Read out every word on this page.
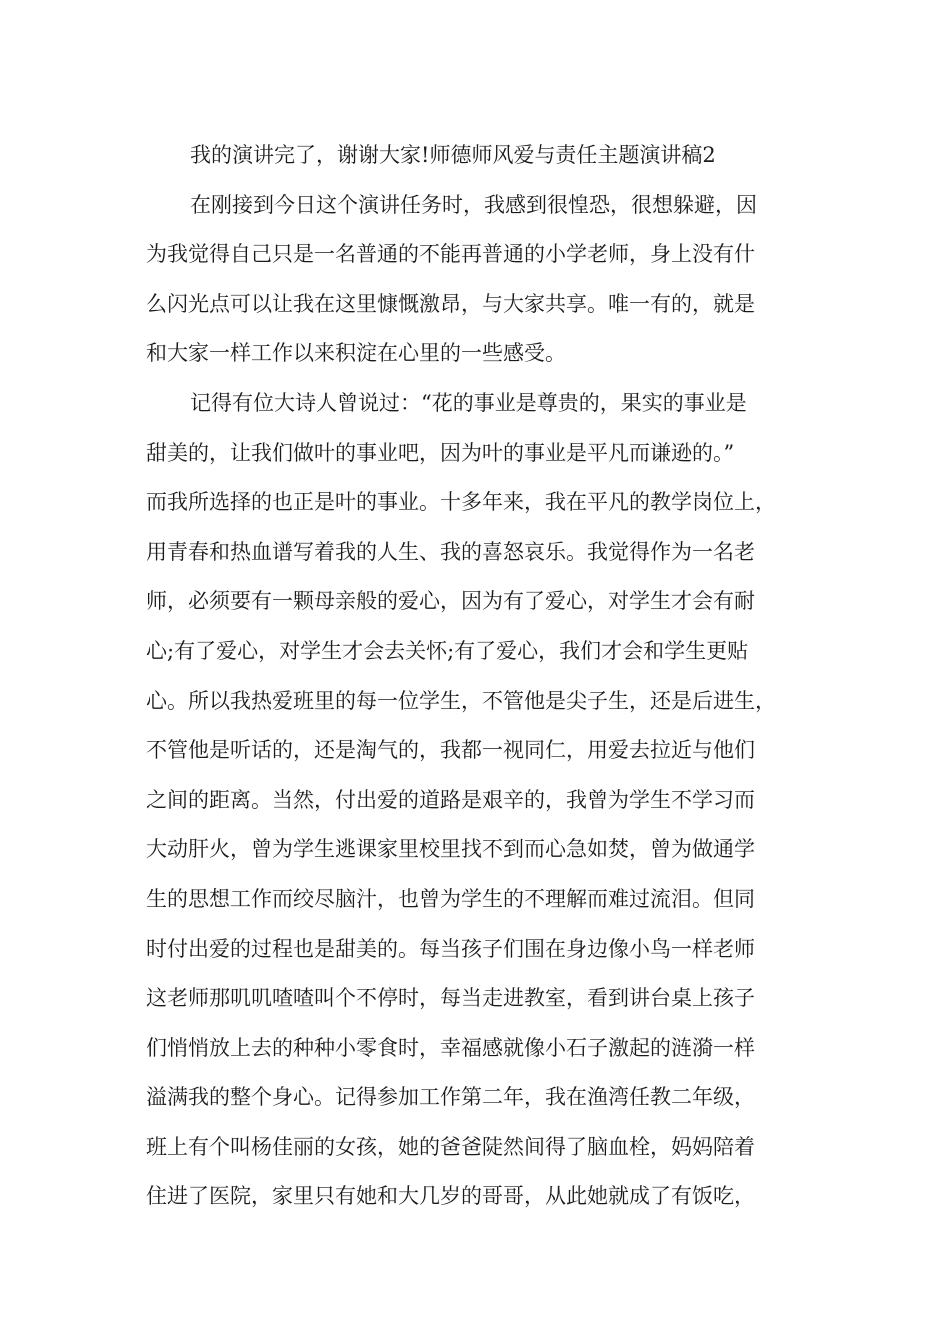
我的演讲完了，谢谢大家!师德师风爱与责任主题演讲稿2
在刚接到今日这个演讲任务时，我感到很惶恐，很想躲避，因
为我觉得自己只是一名普通的不能再普通的小学老师，身上没有什
么闪光点可以让我在这里慷慨激昂，与大家共享。唯一有的，就是
和大家一样工作以来积淀在心里的一些感受。
记得有位大诗人曾说过：“花的事业是尊贵的，果实的事业是
甜美的，让我们做叶的事业吧，因为叶的事业是平凡而谦逊的。”
而我所选择的也正是叶的事业。十多年来，我在平凡的教学岗位上，
用青春和热血谱写着我的人生、我的喜怒哀乐。我觉得作为一名老
师，必须要有一颗母亲般的爱心，因为有了爱心，对学生才会有耐
心;有了爱心，对学生才会去关怀;有了爱心，我们才会和学生更贴
心。所以我热爱班里的每一位学生，不管他是尖子生，还是后进生，
不管他是听话的，还是淘气的，我都一视同仁，用爱去拉近与他们
之间的距离。当然，付出爱的道路是艰辛的，我曾为学生不学习而
大动肝火，曾为学生逃课家里校里找不到而心急如焚，曾为做通学
生的思想工作而绞尽脑汁，也曾为学生的不理解而难过流泪。但同
时付出爱的过程也是甜美的。每当孩子们围在身边像小鸟一样老师
这老师那叽叽喳喳叫个不停时，每当走进教室，看到讲台桌上孩子
们悄悄放上去的种种小零食时，幸福感就像小石子激起的涟漪一样
溢满我的整个身心。记得参加工作第二年，我在渔湾任教二年级，
班上有个叫杨佳丽的女孩，她的爸爸陡然间得了脑血栓，妈妈陪着
住进了医院，家里只有她和大几岁的哥哥，从此她就成了有饭吃，
